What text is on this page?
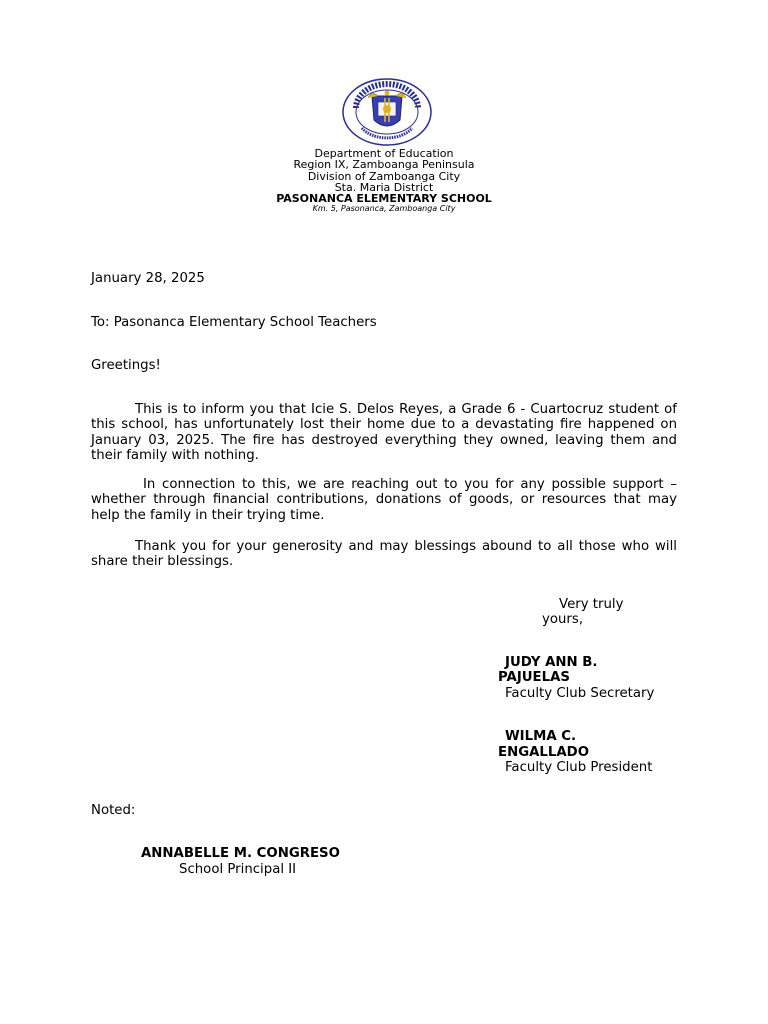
Department of Education
Region IX, Zamboanga Peninsula
Division of Zamboanga City
Sta. Maria District
PASONANCA ELEMENTARY SCHOOL
Km. 5, Pasonanca, Zamboanga City
January 28, 2025
To: Pasonanca Elementary School Teachers
Greetings!
This is to inform you that Icie S. Delos Reyes, a Grade 6 - Cuartocruz student of this school, has unfortunately lost their home due to a devastating fire happened on January 03, 2025. The fire has destroyed everything they owned, leaving them and their family with nothing.
In connection to this, we are reaching out to you for any possible support – whether through financial contributions, donations of goods, or resources that may help the family in their trying time.
Thank you for your generosity and may blessings abound to all those who will share their blessings.
Very truly
yours,
JUDY ANN B.
PAJUELAS
Faculty Club Secretary
WILMA C.
ENGALLADO
Faculty Club President
Noted:
ANNABELLE M. CONGRESO
School Principal II
